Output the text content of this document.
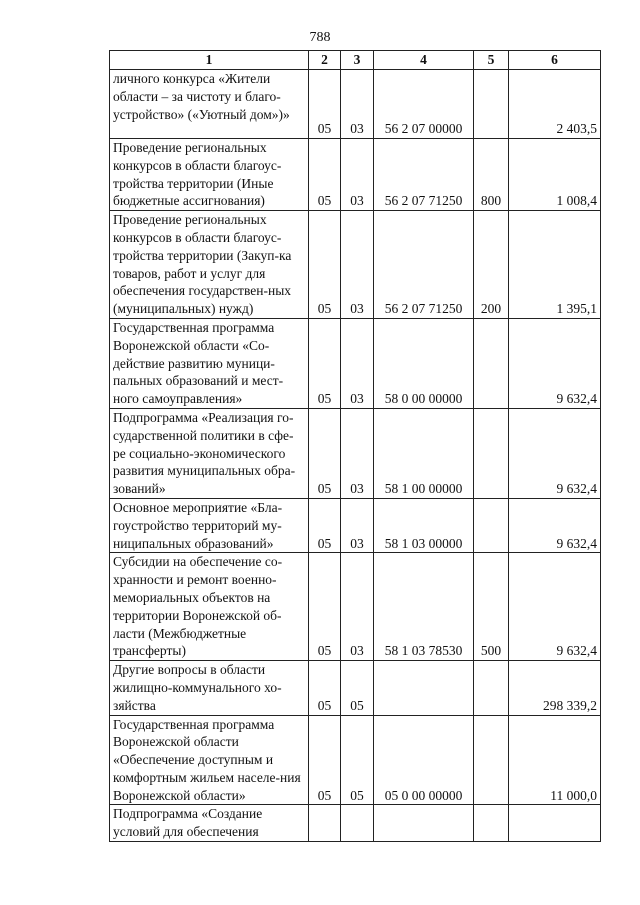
788
1	2	3	4	5	6
личного конкурса «Жители области – за чистоту и благо-устройство» («Уютный дом»)»	05	03	56 2 07 00000		2 403,5
Проведение региональных конкурсов в области благоус-тройства территории (Иные бюджетные ассигнования)	05	03	56 2 07 71250	800	1 008,4
Проведение региональных конкурсов в области благоус-тройства территории (Закуп-ка товаров, работ и услуг для обеспечения государствен-ных (муниципальных) нужд)	05	03	56 2 07 71250	200	1 395,1
Государственная программа Воронежской области «Со-действие развитию муници-пальных образований и мест-ного самоуправления»	05	03	58 0 00 00000		9 632,4
Подпрограмма «Реализация го-сударственной политики в сфе-ре социально-экономического развития муниципальных обра-зований»	05	03	58 1 00 00000		9 632,4
Основное мероприятие «Бла-гоустройство территорий му-ниципальных образований»	05	03	58 1 03 00000		9 632,4
Субсидии на обеспечение со-хранности и ремонт военно-мемориальных объектов на территории Воронежской об-ласти (Межбюджетные трансферты)	05	03	58 1 03 78530	500	9 632,4
Другие вопросы в области жилищно-коммунального хо-зяйства	05	05			298 339,2
Государственная программа Воронежской области «Обеспечение доступным и комфортным жильем населе-ния Воронежской области»	05	05	05 0 00 00000		11 000,0
Подпрограмма «Создание условий для обеспечения					
